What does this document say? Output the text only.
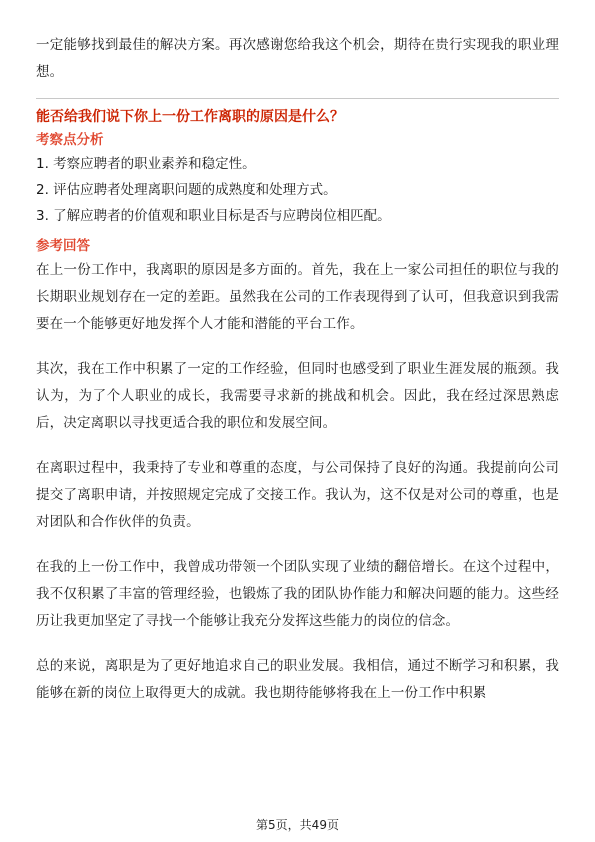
一定能够找到最佳的解决方案。再次感谢您给我这个机会，期待在贵行实现我的职业理想。

能否给我们说下你上一份工作离职的原因是什么？

考察点分析

1. 考察应聘者的职业素养和稳定性。
2. 评估应聘者处理离职问题的成熟度和处理方式。
3. 了解应聘者的价值观和职业目标是否与应聘岗位相匹配。

参考回答

在上一份工作中，我离职的原因是多方面的。首先，我在上一家公司担任的职位与我的长期职业规划存在一定的差距。虽然我在公司的工作表现得到了认可，但我意识到我需要在一个能够更好地发挥个人才能和潜能的平台工作。

其次，我在工作中积累了一定的工作经验，但同时也感受到了职业生涯发展的瓶颈。我认为，为了个人职业的成长，我需要寻求新的挑战和机会。因此，我在经过深思熟虑后，决定离职以寻找更适合我的职位和发展空间。

在离职过程中，我秉持了专业和尊重的态度，与公司保持了良好的沟通。我提前向公司提交了离职申请，并按照规定完成了交接工作。我认为，这不仅是对公司的尊重，也是对团队和合作伙伴的负责。

在我的上一份工作中，我曾成功带领一个团队实现了业绩的翻倍增长。在这个过程中，我不仅积累了丰富的管理经验，也锻炼了我的团队协作能力和解决问题的能力。这些经历让我更加坚定了寻找一个能够让我充分发挥这些能力的岗位的信念。

总的来说，离职是为了更好地追求自己的职业发展。我相信，通过不断学习和积累，我能够在新的岗位上取得更大的成就。我也期待能够将我在上一份工作中积累

第5页，共49页
